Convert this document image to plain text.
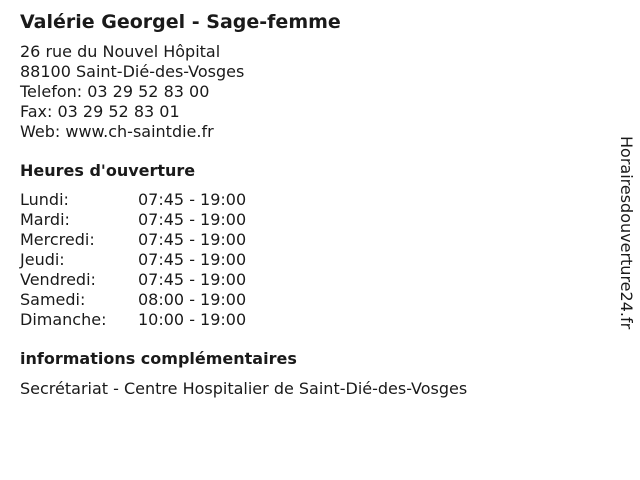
Valérie Georgel - Sage-femme
26 rue du Nouvel Hôpital
88100 Saint-Dié-des-Vosges
Telefon: 03 29 52 83 00
Fax: 03 29 52 83 01
Web: www.ch-saintdie.fr
Heures d'ouverture
Lundi:	07:45 - 19:00
Mardi:	07:45 - 19:00
Mercredi:	07:45 - 19:00
Jeudi:	07:45 - 19:00
Vendredi:	07:45 - 19:00
Samedi:	08:00 - 19:00
Dimanche:	10:00 - 19:00
informations complémentaires
Secrétariat - Centre Hospitalier de Saint-Dié-des-Vosges
Horairesdouverture24.fr
